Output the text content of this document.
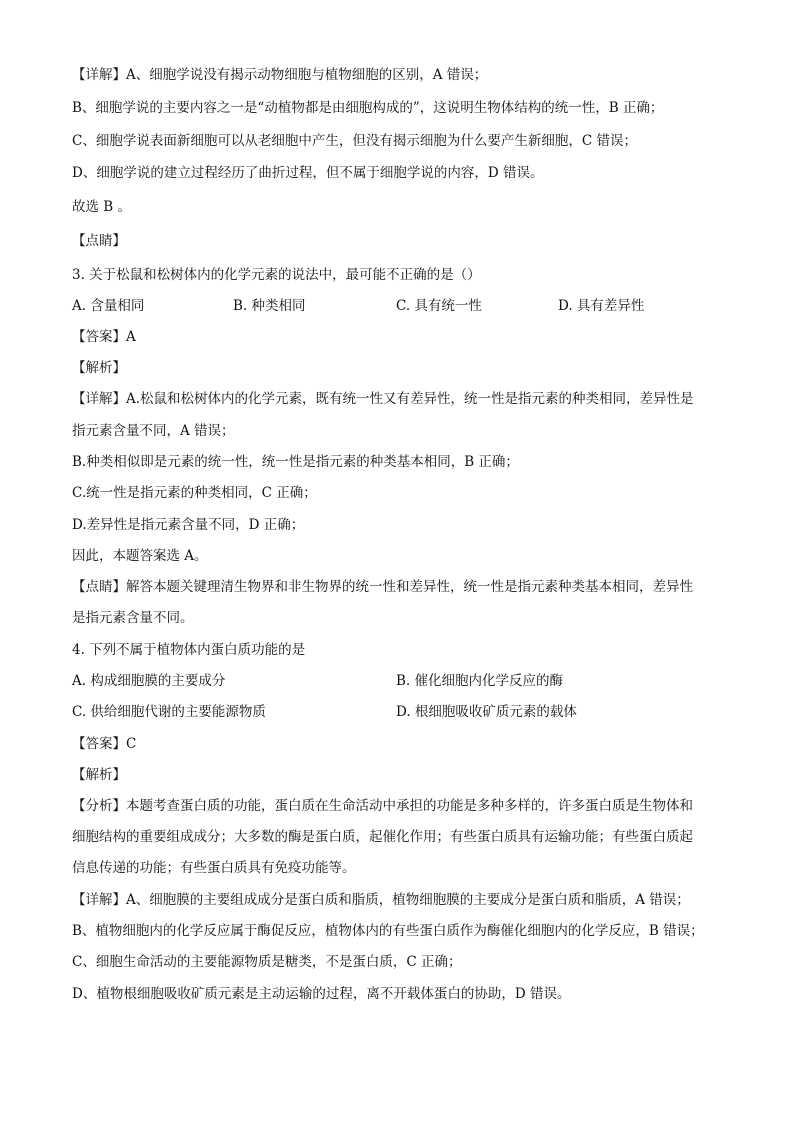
【详解】A、细胞学说没有揭示动物细胞与植物细胞的区别，A 错误；
B、细胞学说的主要内容之一是“动植物都是由细胞构成的”，这说明生物体结构的统一性，B 正确；
C、细胞学说表面新细胞可以从老细胞中产生，但没有揭示细胞为什么要产生新细胞，C 错误；
D、细胞学说的建立过程经历了曲折过程，但不属于细胞学说的内容，D 错误。
故选 B 。
【点睛】
3. 关于松鼠和松树体内的化学元素的说法中，最可能不正确的是（）
A. 含量相同	B. 种类相同	C. 具有统一性	D. 具有差异性
【答案】A
【解析】
【详解】A.松鼠和松树体内的化学元素，既有统一性又有差异性，统一性是指元素的种类相同，差异性是
指元素含量不同，A 错误；
B.种类相似即是元素的统一性，统一性是指元素的种类基本相同，B 正确；
C.统一性是指元素的种类相同，C 正确；
D.差异性是指元素含量不同，D 正确；
因此，本题答案选 A。
【点睛】解答本题关键理清生物界和非生物界的统一性和差异性，统一性是指元素种类基本相同，差异性
是指元素含量不同。
4. 下列不属于植物体内蛋白质功能的是
A. 构成细胞膜的主要成分	B. 催化细胞内化学反应的酶
C. 供给细胞代谢的主要能源物质	D. 根细胞吸收矿质元素的载体
【答案】C
【解析】
【分析】本题考查蛋白质的功能，蛋白质在生命活动中承担的功能是多种多样的，许多蛋白质是生物体和
细胞结构的重要组成成分；大多数的酶是蛋白质，起催化作用；有些蛋白质具有运输功能；有些蛋白质起
信息传递的功能；有些蛋白质具有免疫功能等。
【详解】A、细胞膜的主要组成成分是蛋白质和脂质，植物细胞膜的主要成分是蛋白质和脂质，A 错误；
B、植物细胞内的化学反应属于酶促反应，植物体内的有些蛋白质作为酶催化细胞内的化学反应，B 错误；
C、细胞生命活动的主要能源物质是糖类，不是蛋白质，C 正确；
D、植物根细胞吸收矿质元素是主动运输的过程，离不开载体蛋白的协助，D 错误。
